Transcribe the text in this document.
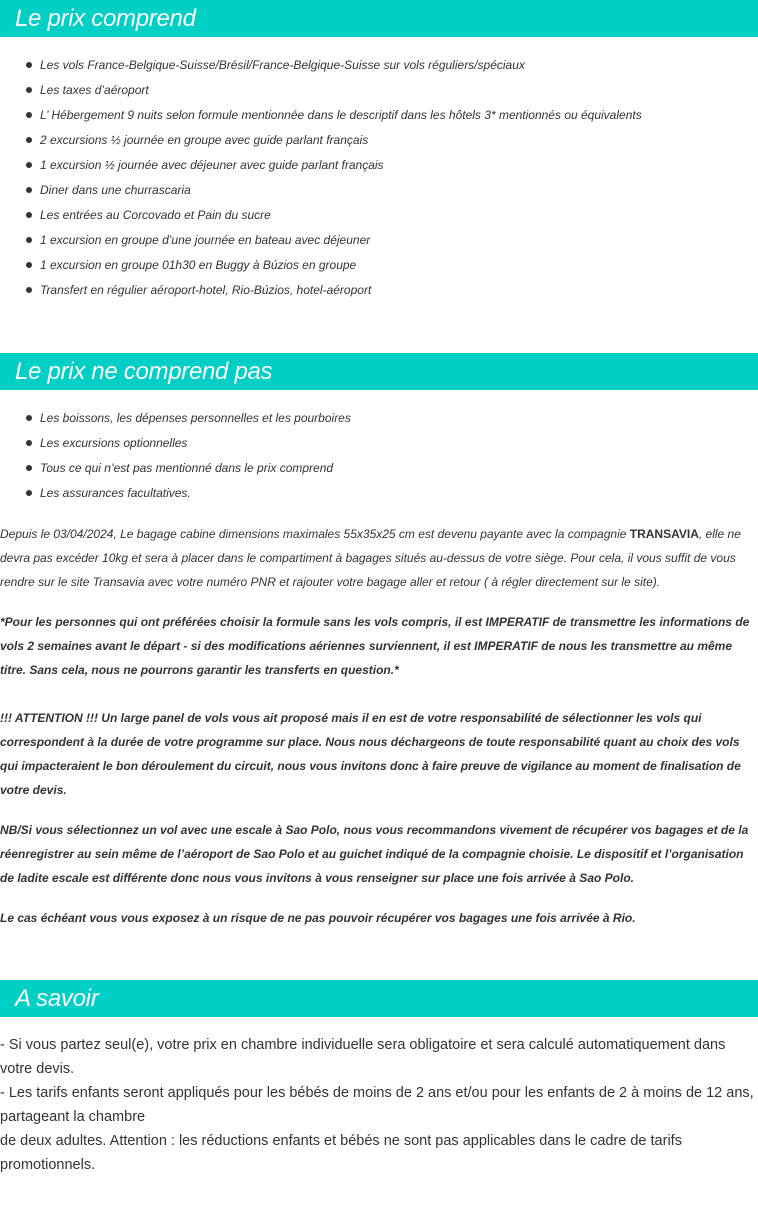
Le prix comprend
Les vols France-Belgique-Suisse/Brésil/France-Belgique-Suisse sur vols réguliers/spéciaux
Les taxes d’aéroport
L’ Hébergement 9 nuits selon formule mentionnée dans le descriptif dans les hôtels 3* mentionnés ou équivalents
2 excursions ½ journée en groupe avec guide parlant français
1 excursion ½ journée avec déjeuner avec guide parlant français
Diner dans une churrascaria
Les entrées au Corcovado et Pain du sucre
1 excursion en groupe d’une journée en bateau avec déjeuner
1 excursion en groupe 01h30 en Buggy à Búzios en groupe
Transfert en régulier aéroport-hotel, Rio-Búzios, hotel-aéroport
Le prix ne comprend pas
Les boissons, les dépenses personnelles et les pourboires
Les excursions optionnelles
Tous ce qui n’est pas mentionné dans le prix comprend
Les assurances facultatives.

Depuis le 03/04/2024, Le bagage cabine dimensions maximales 55x35x25 cm est devenu payante avec la compagnie TRANSAVIA, elle ne devra pas excéder 10kg et sera à placer dans le compartiment à bagages situés au-dessus de votre siège. Pour cela, il vous suffit de vous rendre sur le site Transavia avec votre numéro PNR et rajouter votre bagage aller et retour ( à régler directement sur le site).

*Pour les personnes qui ont préférées choisir la formule sans les vols compris, il est IMPERATIF de transmettre les informations de vols 2 semaines avant le départ - si des modifications aériennes surviennent, il est IMPERATIF de nous les transmettre au même titre. Sans cela, nous ne pourrons garantir les transferts en question.*

!!! ATTENTION !!! Un large panel de vols vous ait proposé mais il en est de votre responsabilité de sélectionner les vols qui correspondent à la durée de votre programme sur place. Nous nous déchargeons de toute responsabilité quant au choix des vols qui impacteraient le bon déroulement du circuit, nous vous invitons donc à faire preuve de vigilance au moment de finalisation de votre devis.

NB/Si vous sélectionnez un vol avec une escale à Sao Polo, nous vous recommandons vivement de récupérer vos bagages et de la réenregistrer au sein même de l’aéroport de Sao Polo et au guichet indiqué de la compagnie choisie. Le dispositif et l’organisation de ladite escale est différente donc nous vous invitons à vous renseigner sur place une fois arrivée à Sao Polo.

Le cas échéant vous vous exposez à un risque de ne pas pouvoir récupérer vos bagages une fois arrivée à Rio.

A savoir

- Si vous partez seul(e), votre prix en chambre individuelle sera obligatoire et sera calculé automatiquement dans votre devis.
- Les tarifs enfants seront appliqués pour les bébés de moins de 2 ans et/ou pour les enfants de 2 à moins de 12 ans, partageant la chambre
de deux adultes. Attention : les réductions enfants et bébés ne sont pas applicables dans le cadre de tarifs promotionnels.
